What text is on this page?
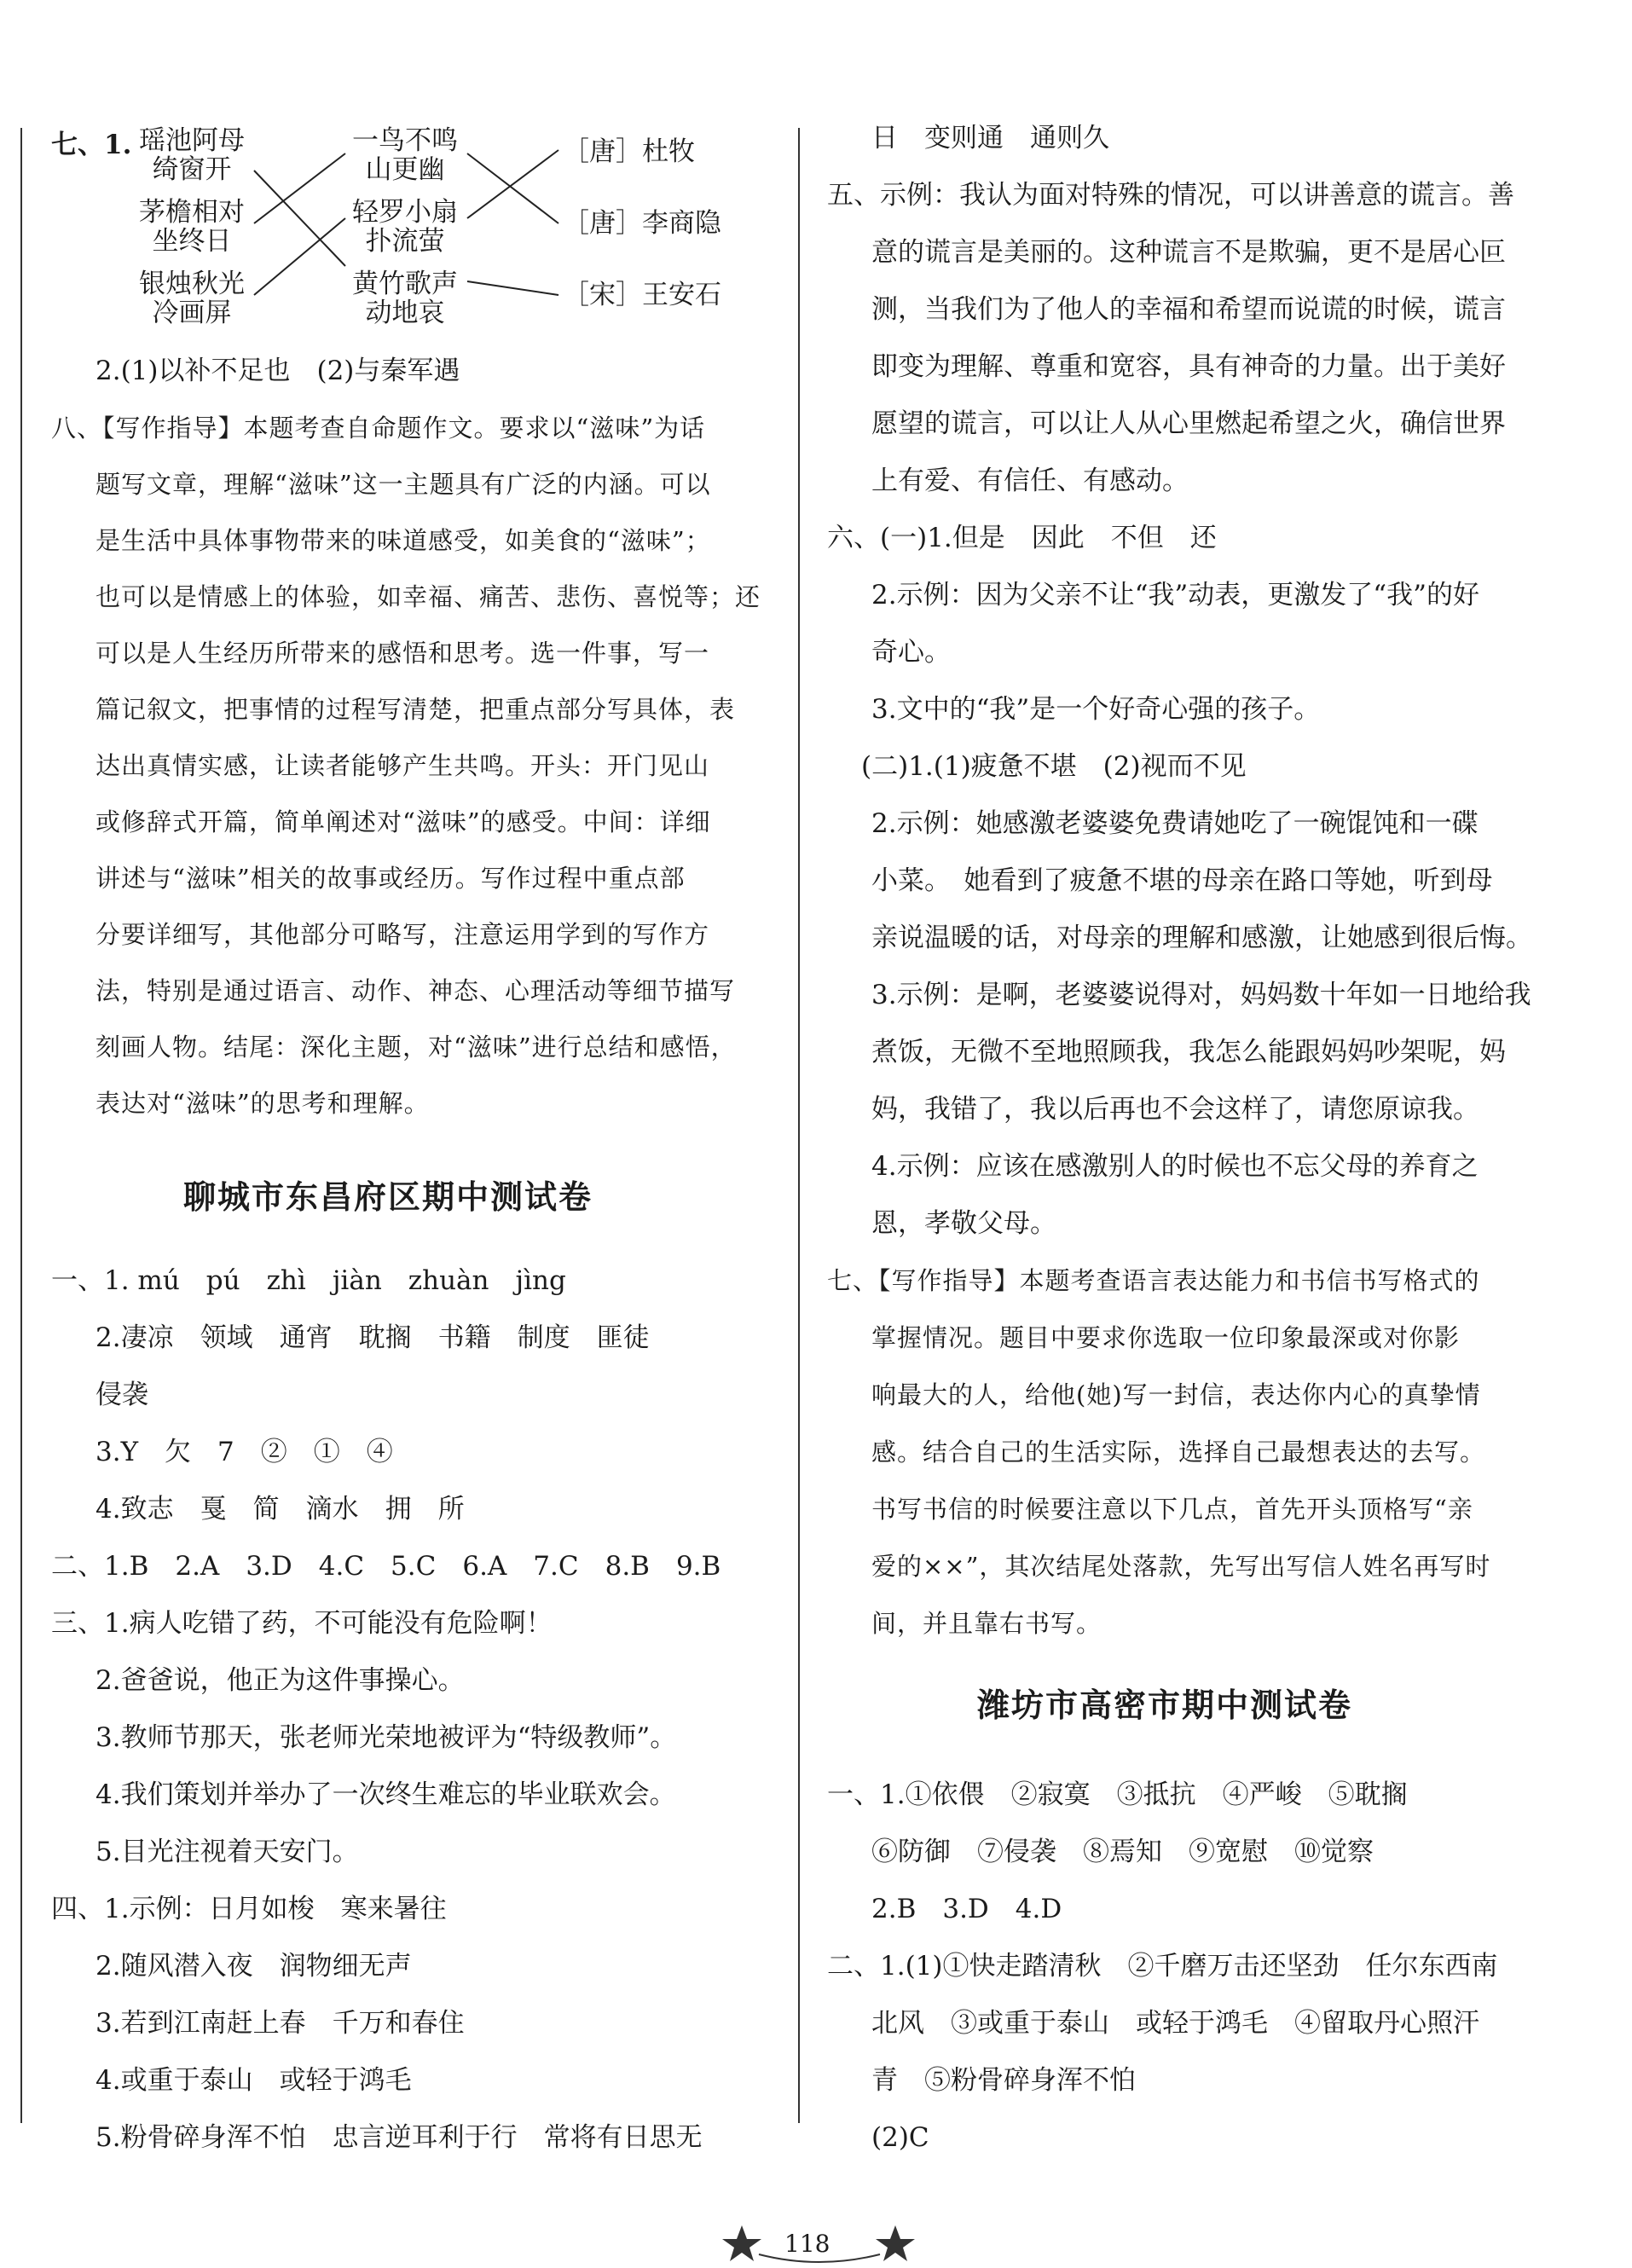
七、1. 瑶池阿母
绮窗开
茅檐相对
坐终日
银烛秋光
冷画屏
一鸟不鸣
山更幽
轻罗小扇
扑流萤
黄竹歌声
动地哀
［唐］杜牧
［唐］李商隐
［宋］王安石
2.(1)以补不足也　(2)与秦军遇
八、【写作指导】本题考查自命题作文。要求以“滋味”为话
题写文章，理解“滋味”这一主题具有广泛的内涵。可以
是生活中具体事物带来的味道感受，如美食的“滋味”；
也可以是情感上的体验，如幸福、痛苦、悲伤、喜悦等；还
可以是人生经历所带来的感悟和思考。选一件事，写一
篇记叙文，把事情的过程写清楚，把重点部分写具体，表
达出真情实感，让读者能够产生共鸣。开头：开门见山
或修辞式开篇，简单阐述对“滋味”的感受。中间：详细
讲述与“滋味”相关的故事或经历。写作过程中重点部
分要详细写，其他部分可略写，注意运用学到的写作方
法，特别是通过语言、动作、神态、心理活动等细节描写
刻画人物。结尾：深化主题，对“滋味”进行总结和感悟，
表达对“滋味”的思考和理解。
聊城市东昌府区期中测试卷
一、1. mú　pú　zhì　jiàn　zhuàn　jìng
2.凄凉　领域　通宵　耽搁　书籍　制度　匪徒
侵袭
3.Y　欠　7　②　①　④
4.致志　戛　简　滴水　拥　所
二、1.B　2.A　3.D　4.C　5.C　6.A　7.C　8.B　9.B
三、1.病人吃错了药，不可能没有危险啊！
2.爸爸说，他正为这件事操心。
3.教师节那天，张老师光荣地被评为“特级教师”。
4.我们策划并举办了一次终生难忘的毕业联欢会。
5.目光注视着天安门。
四、1.示例：日月如梭　寒来暑往
2.随风潜入夜　润物细无声
3.若到江南赶上春　千万和春住
4.或重于泰山　或轻于鸿毛
5.粉骨碎身浑不怕　忠言逆耳利于行　常将有日思无
日　变则通　通则久
五、示例：我认为面对特殊的情况，可以讲善意的谎言。善
意的谎言是美丽的。这种谎言不是欺骗，更不是居心叵
测，当我们为了他人的幸福和希望而说谎的时候，谎言
即变为理解、尊重和宽容，具有神奇的力量。出于美好
愿望的谎言，可以让人从心里燃起希望之火，确信世界
上有爱、有信任、有感动。
六、(一)1.但是　因此　不但　还
2.示例：因为父亲不让“我”动表，更激发了“我”的好
奇心。
3.文中的“我”是一个好奇心强的孩子。
(二)1.(1)疲惫不堪　(2)视而不见
2.示例：她感激老婆婆免费请她吃了一碗馄饨和一碟
小菜。　她看到了疲惫不堪的母亲在路口等她，听到母
亲说温暖的话，对母亲的理解和感激，让她感到很后悔。
3.示例：是啊，老婆婆说得对，妈妈数十年如一日地给我
煮饭，无微不至地照顾我，我怎么能跟妈妈吵架呢，妈
妈，我错了，我以后再也不会这样了，请您原谅我。
4.示例：应该在感激别人的时候也不忘父母的养育之
恩，孝敬父母。
七、【写作指导】本题考查语言表达能力和书信书写格式的
掌握情况。题目中要求你选取一位印象最深或对你影
响最大的人，给他(她)写一封信，表达你内心的真挚情
感。结合自己的生活实际，选择自己最想表达的去写。
书写书信的时候要注意以下几点，首先开头顶格写“亲
爱的××”，其次结尾处落款，先写出写信人姓名再写时
间，并且靠右书写。
潍坊市高密市期中测试卷
一、1.①依偎　②寂寞　③抵抗　④严峻　⑤耽搁
⑥防御　⑦侵袭　⑧焉知　⑨宽慰　⑩觉察
2.B　3.D　4.D
二、1.(1)①快走踏清秋　②千磨万击还坚劲　任尔东西南
北风　③或重于泰山　或轻于鸿毛　④留取丹心照汗
青　⑤粉骨碎身浑不怕
(2)C
118
